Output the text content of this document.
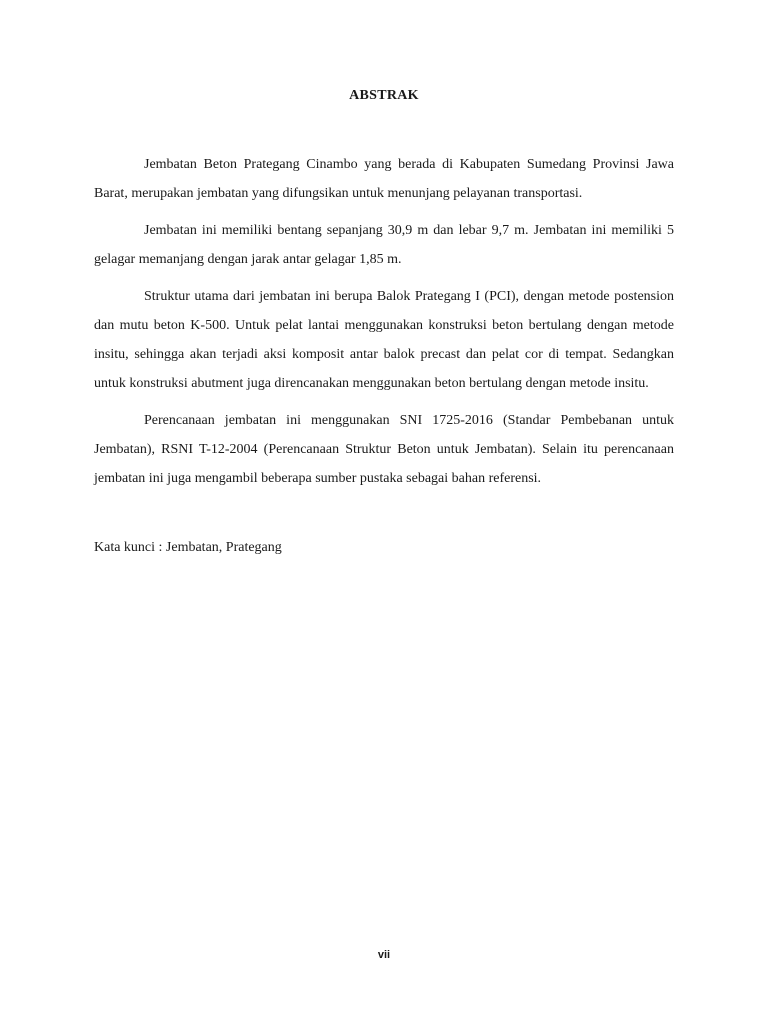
ABSTRAK

Jembatan Beton Prategang Cinambo yang berada di Kabupaten Sumedang Provinsi Jawa Barat, merupakan jembatan yang difungsikan untuk menunjang pelayanan transportasi.

Jembatan ini memiliki bentang sepanjang 30,9 m dan lebar 9,7 m. Jembatan ini memiliki 5 gelagar memanjang dengan jarak antar gelagar 1,85 m.

Struktur utama dari jembatan ini berupa Balok Prategang I (PCI), dengan metode postension dan mutu beton K-500. Untuk pelat lantai menggunakan konstruksi beton bertulang dengan metode insitu, sehingga akan terjadi aksi komposit antar balok precast dan pelat cor di tempat. Sedangkan untuk konstruksi abutment juga direncanakan menggunakan beton bertulang dengan metode insitu.

Perencanaan jembatan ini menggunakan SNI 1725-2016 (Standar Pembebanan untuk Jembatan), RSNI T-12-2004 (Perencanaan Struktur Beton untuk Jembatan). Selain itu perencanaan jembatan ini juga mengambil beberapa sumber pustaka sebagai bahan referensi.

Kata kunci : Jembatan, Prategang
vii
